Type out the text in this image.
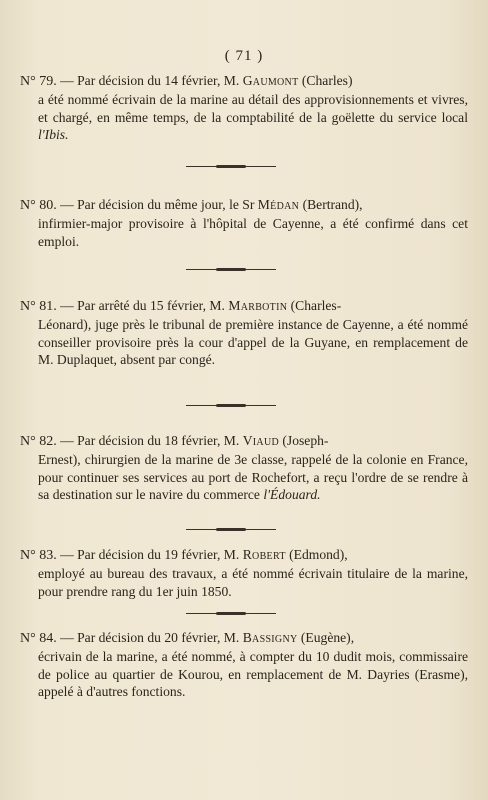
( 71 )
N° 79. — Par décision du 14 février, M. Gaumont (Charles)
a été nommé écrivain de la marine au détail des approvisionnements et vivres, et chargé, en même temps, de la comptabilité de la goëlette du service local l'Ibis.
N° 80. — Par décision du même jour, le Sr Médan (Bertrand),
infirmier-major provisoire à l'hôpital de Cayenne, a été confirmé dans cet emploi.
N° 81. — Par arrêté du 15 février, M. Marbotin (Charles-
Léonard), juge près le tribunal de première instance de Cayenne, a été nommé conseiller provisoire près la cour d'appel de la Guyane, en remplacement de M. Duplaquet, absent par congé.
N° 82. — Par décision du 18 février, M. Viaud (Joseph-
Ernest), chirurgien de la marine de 3e classe, rappelé de la colonie en France, pour continuer ses services au port de Rochefort, a reçu l'ordre de se rendre à sa destination sur le navire du commerce l'Édouard.
N° 83. — Par décision du 19 février, M. Robert (Edmond),
employé au bureau des travaux, a été nommé écrivain titulaire de la marine, pour prendre rang du 1er juin 1850.
N° 84. — Par décision du 20 février, M. Bassigny (Eugène),
écrivain de la marine, a été nommé, à compter du 10 dudit mois, commissaire de police au quartier de Kourou, en remplacement de M. Dayries (Erasme), appelé à d'autres fonctions.
